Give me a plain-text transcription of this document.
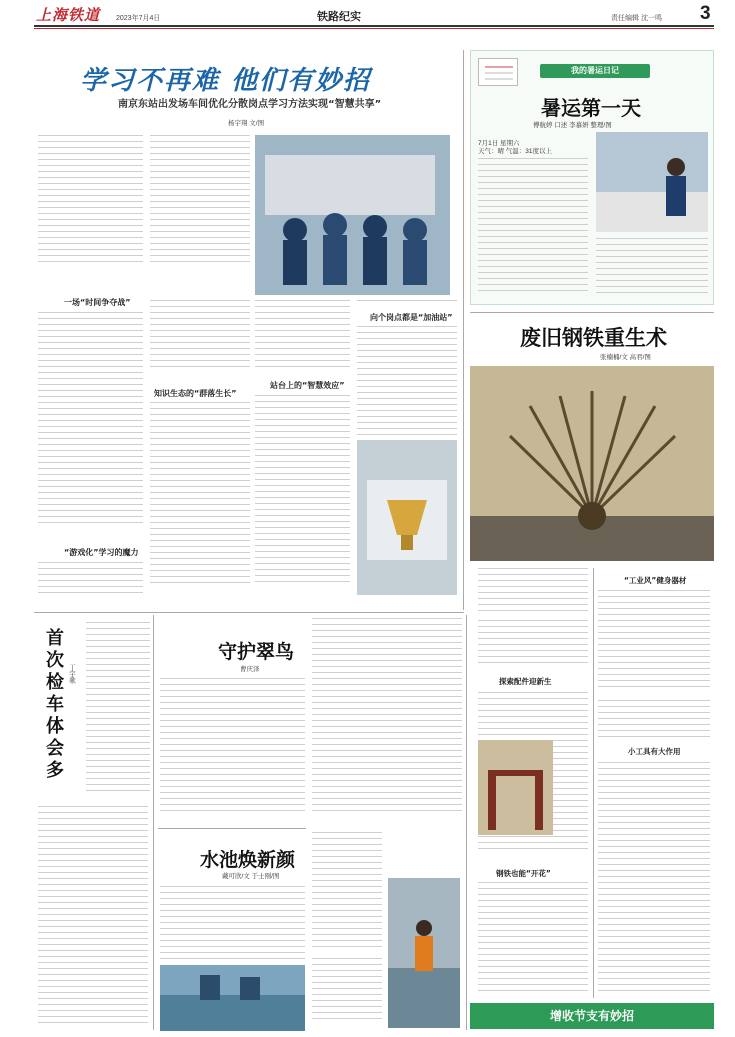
上海铁道 2023年7月4日	铁路纪实	责任编辑 沈一鸣 3
学习不再难 他们有妙招
南京东站出发场车间优化分散岗点学习方法实现“智慧共享”
杨宇翔 文/图
一场“时间争夺战”
“游戏化”学习的魔力
知识生态的“群落生长”
站台上的“智慧效应”
向个岗点都是“加油站”
我的暑运日记
暑运第一天
傅航婷 口述 李慕妍 整理/图
7月1日 星期六
天气：晴 气温：31度以上
废旧钢铁重生术
张楠楠/文 高君/图
探索配件迎新生
钢铁也能“开花”
“工业风”健身器材
小工具有大作用
增收节支有妙招
首次检车体会多 丁宇歌
守护翠鸟
曹庆泽
水池焕新颜
戴可欣/文 于士刚/图
